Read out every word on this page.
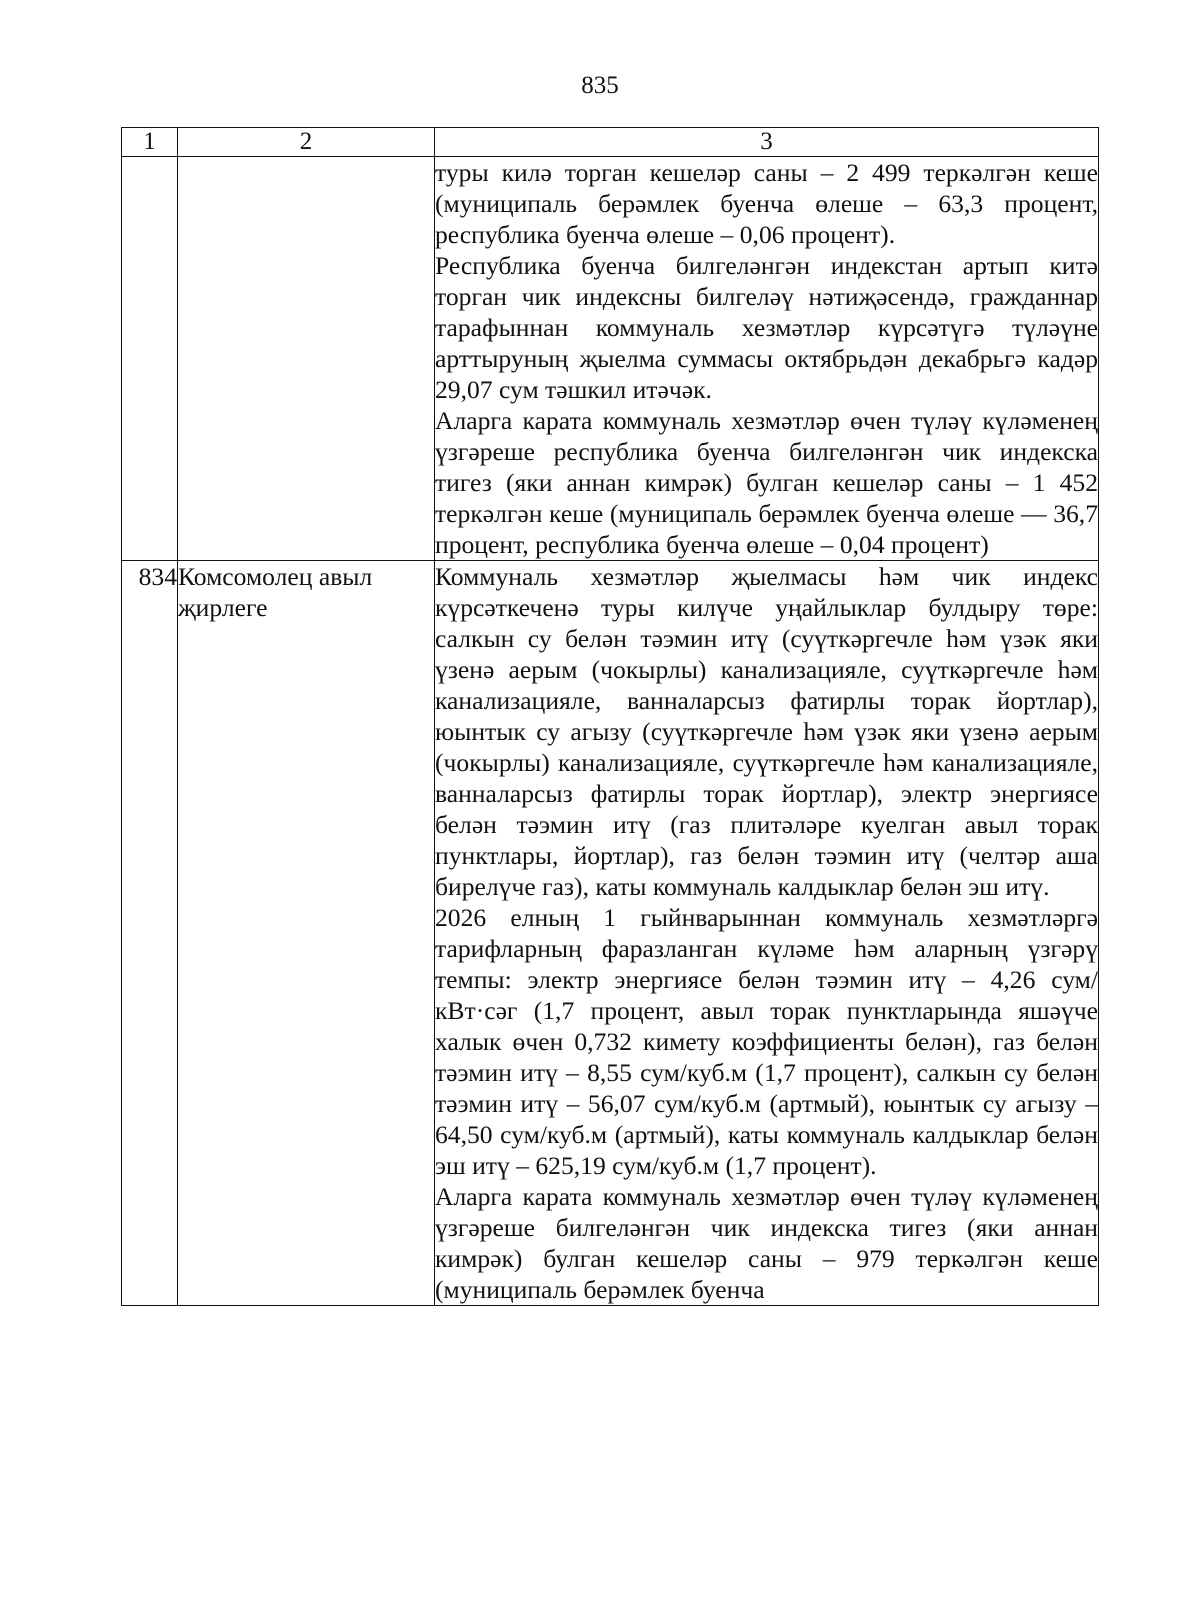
835
1	2	3

		туры килә торган кешеләр саны – 2 499 теркәлгән кеше (муниципаль берәмлек буенча өлеше – 63,3 процент, республика буенча өлеше – 0,06 процент).

Республика буенча билгеләнгән индекстан артып китә торган чик индексны билгеләү нәтиҗәсендә, гражданнар тарафыннан коммуналь хезмәтләр күрсәтүгә түләүне арттыруның җыелма суммасы октябрьдән декабрьгә кадәр 29,07 сум тәшкил итәчәк.

Аларга карата коммуналь хезмәтләр өчен түләү күләменең үзгәреше республика буенча билгеләнгән чик индекска тигез (яки аннан кимрәк) булган кешеләр саны – 1 452 теркәлгән кеше (муниципаль берәмлек буенча өлеше — 36,7 процент, республика буенча өлеше – 0,04 процент)

834	Комсомолец авыл җирлеге	Коммуналь хезмәтләр җыелмасы һәм чик индекс күрсәткеченә туры килүче уңайлыклар булдыру төре: салкын су белән тәэмин итү (суүткәргечле һәм үзәк яки үзенә аерым (чокырлы) канализацияле, суүткәргечле һәм канализацияле, ванналарсыз фатирлы торак йортлар), юынтык су агызу (суүткәргечле һәм үзәк яки үзенә аерым (чокырлы) канализацияле, суүткәргечле һәм канализацияле, ванналарсыз фатирлы торак йортлар), электр энергиясе белән тәэмин итү (газ плитәләре куелган авыл торак пунктлары, йортлар), газ белән тәэмин итү (челтәр аша бирелүче газ), каты коммуналь калдыклар белән эш итү.

2026 елның 1 гыйнварыннан коммуналь хезмәтләргә тарифларның фаразланган күләме һәм аларның үзгәрү темпы: электр энергиясе белән тәэмин итү – 4,26 сум/кВт·сәг (1,7 процент, авыл торак пунктларында яшәүче халык өчен 0,732 кимету коэффициенты белән), газ белән тәэмин итү – 8,55 сум/куб.м (1,7 процент), салкын су белән тәэмин итү – 56,07 сум/куб.м (артмый), юынтык су агызу – 64,50 сум/куб.м (артмый), каты коммуналь калдыклар белән эш итү – 625,19 сум/куб.м (1,7 процент).

Аларга карата коммуналь хезмәтләр өчен түләү күләменең үзгәреше билгеләнгән чик индекска тигез (яки аннан кимрәк) булган кешеләр саны – 979 теркәлгән кеше (муниципаль берәмлек буенча
